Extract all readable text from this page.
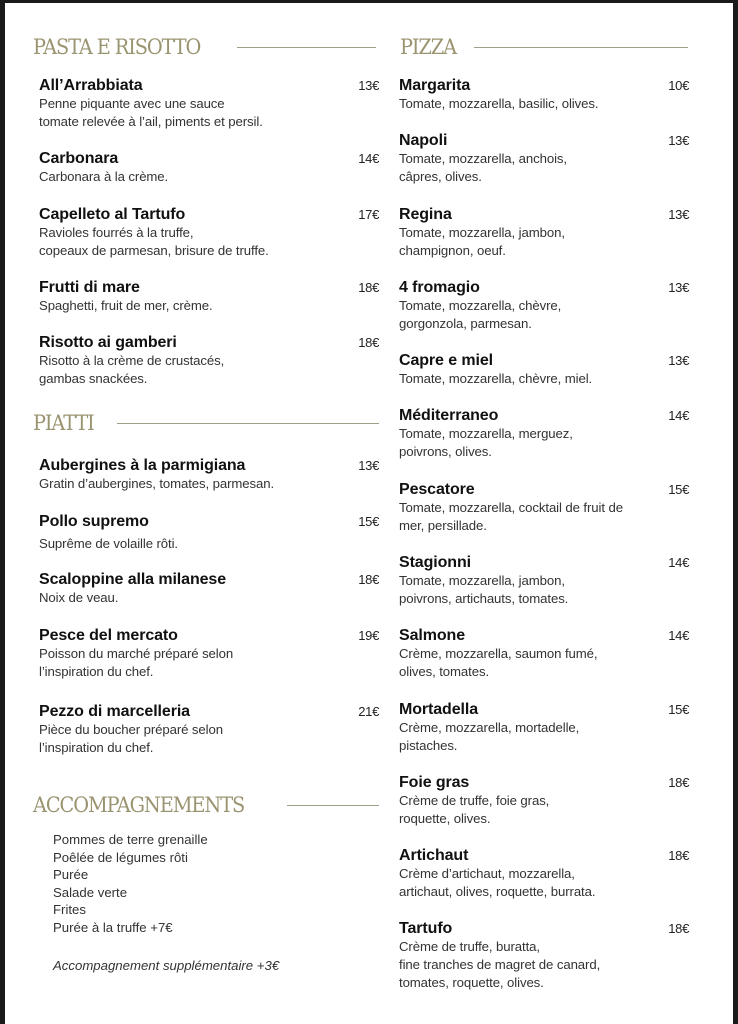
PASTA E RISOTTO
All’Arrabbiata	13€
Penne piquante avec une sauce
tomate relevée à l’ail, piments et persil.
Carbonara	14€
Carbonara à la crème.
Capelleto al Tartufo	17€
Ravioles fourrés à la truffe,
copeaux de parmesan, brisure de truffe.
Frutti di mare	18€
Spaghetti, fruit de mer, crème.
Risotto ai gamberi	18€
Risotto à la crème de crustacés,
gambas snackées.
PIATTI
Aubergines à la parmigiana	13€
Gratin d’aubergines, tomates, parmesan.
Pollo supremo	15€
Suprême de volaille rôti.
Scaloppine alla milanese	18€
Noix de veau.
Pesce del mercato	19€
Poisson du marché préparé selon
l’inspiration du chef.
Pezzo di marcelleria	21€
Pièce du boucher préparé selon
l’inspiration du chef.
ACCOMPAGNEMENTS
Pommes de terre grenaille
Poêlée de légumes rôti
Purée
Salade verte
Frites
Purée à la truffe +7€
Accompagnement supplémentaire +3€
PIZZA
Margarita	10€
Tomate, mozzarella, basilic, olives.
Napoli	13€
Tomate, mozzarella, anchois,
câpres, olives.
Regina	13€
Tomate, mozzarella, jambon,
champignon, oeuf.
4 fromagio	13€
Tomate, mozzarella, chèvre,
gorgonzola, parmesan.
Capre e miel	13€
Tomate, mozzarella, chèvre, miel.
Méditerraneo	14€
Tomate, mozzarella, merguez,
poivrons, olives.
Pescatore	15€
Tomate, mozzarella, cocktail de fruit de
mer, persillade.
Stagionni	14€
Tomate, mozzarella, jambon,
poivrons, artichauts, tomates.
Salmone	14€
Crème, mozzarella, saumon fumé,
olives, tomates.
Mortadella	15€
Crème, mozzarella, mortadelle,
pistaches.
Foie gras	18€
Crème de truffe, foie gras,
roquette, olives.
Artichaut	18€
Crème d’artichaut, mozzarella,
artichaut, olives, roquette, burrata.
Tartufo	18€
Crème de truffe, buratta,
fine tranches de magret de canard,
tomates, roquette, olives.
